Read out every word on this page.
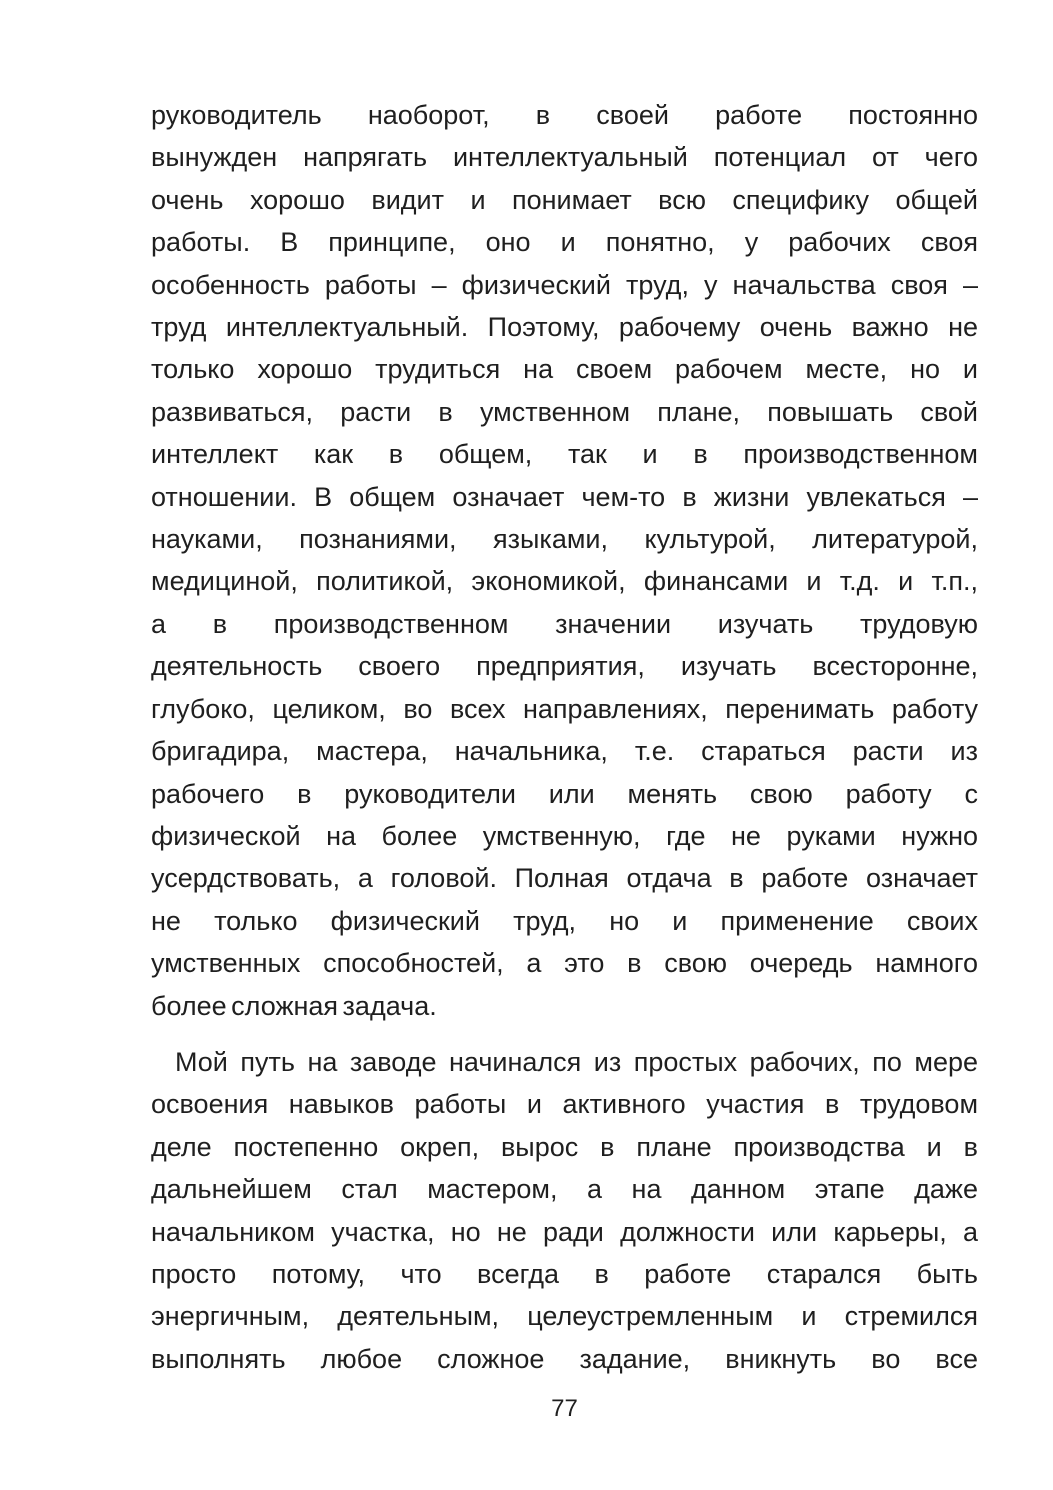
руководитель наоборот, в своей работе постоянно
вынужден напрягать интеллектуальный потенциал от чего
очень хорошо видит и понимает всю специфику общей
работы. В принципе, оно и понятно, у рабочих своя
особенность работы – физический труд, у начальства своя –
труд интеллектуальный. Поэтому, рабочему очень важно не
только хорошо трудиться на своем рабочем месте, но и
развиваться, расти в умственном плане, повышать свой
интеллект как в общем, так и в производственном
отношении. В общем означает чем-то в жизни увлекаться –
науками, познаниями, языками, культурой, литературой,
медициной, политикой, экономикой, финансами и т.д. и т.п.,
а в производственном значении изучать трудовую
деятельность своего предприятия, изучать всесторонне,
глубоко, целиком, во всех направлениях, перенимать работу
бригадира, мастера, начальника, т.е. стараться расти из
рабочего в руководители или менять свою работу с
физической на более умственную, где не руками нужно
усердствовать, а головой. Полная отдача в работе означает
не только физический труд, но и применение своих
умственных способностей, а это в свою очередь намного
более сложная задача.
Мой путь на заводе начинался из простых рабочих, по мере
освоения навыков работы и активного участия в трудовом
деле постепенно окреп, вырос в плане производства и в
дальнейшем стал мастером, а на данном этапе даже
начальником участка, но не ради должности или карьеры, а
просто потому, что всегда в работе старался быть
энергичным, деятельным, целеустремленным и стремился
выполнять любое сложное задание, вникнуть во все
77
